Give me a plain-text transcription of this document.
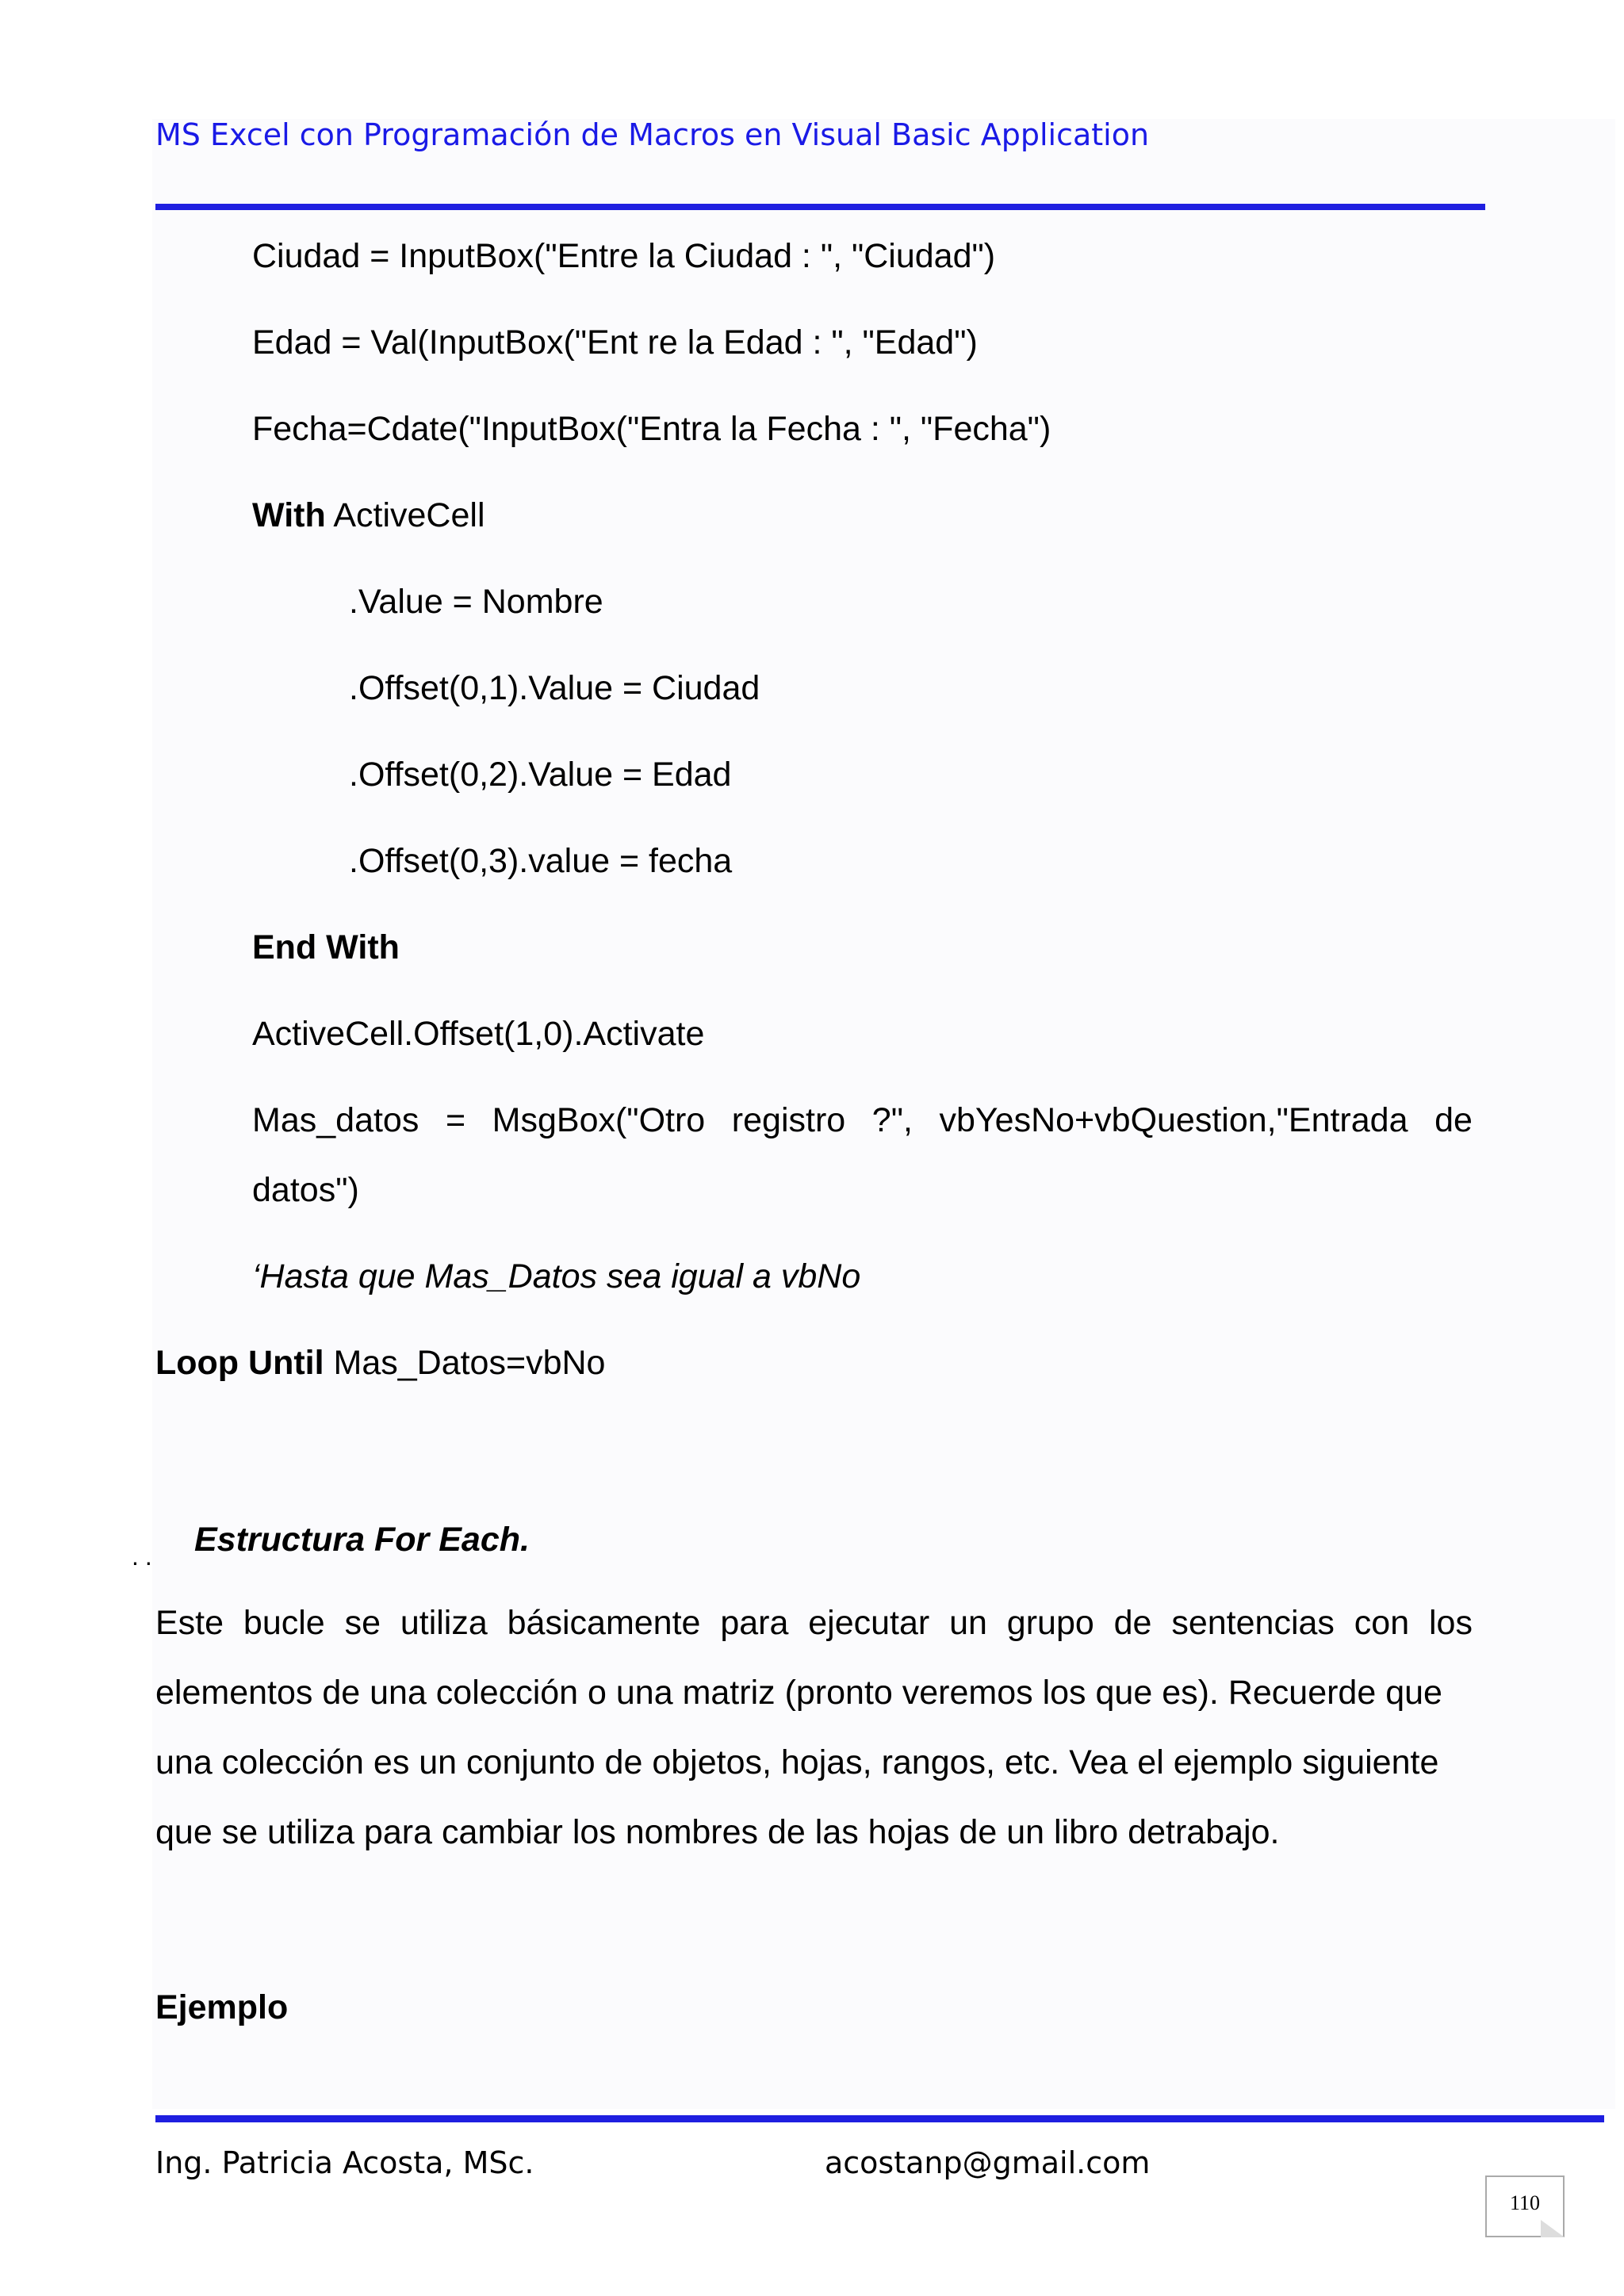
MS Excel con Programación de Macros en Visual Basic Application
Ciudad = InputBox("Entre la Ciudad : ", "Ciudad")
Edad = Val(InputBox("Ent re la Edad : ", "Edad")
Fecha=Cdate("InputBox("Entra la Fecha : ", "Fecha")
With ActiveCell
.Value = Nombre
.Offset(0,1).Value = Ciudad
.Offset(0,2).Value = Edad
.Offset(0,3).value = fecha
End With
ActiveCell.Offset(1,0).Activate
Mas_datos = MsgBox("Otro registro ?", vbYesNo+vbQuestion,"Entrada de
datos")
‘Hasta que Mas_Datos sea igual a vbNo
Loop Until Mas_Datos=vbNo
.. Estructura For Each.
Este bucle se utiliza básicamente para ejecutar un grupo de sentencias con los
elementos de una colección o una matriz (pronto veremos los que es). Recuerde que
una colección es un conjunto de objetos, hojas, rangos, etc. Vea el ejemplo siguiente
que se utiliza para cambiar los nombres de las hojas de un libro detrabajo.
Ejemplo
Ing. Patricia Acosta, MSc.	acostanp@gmail.com
110
